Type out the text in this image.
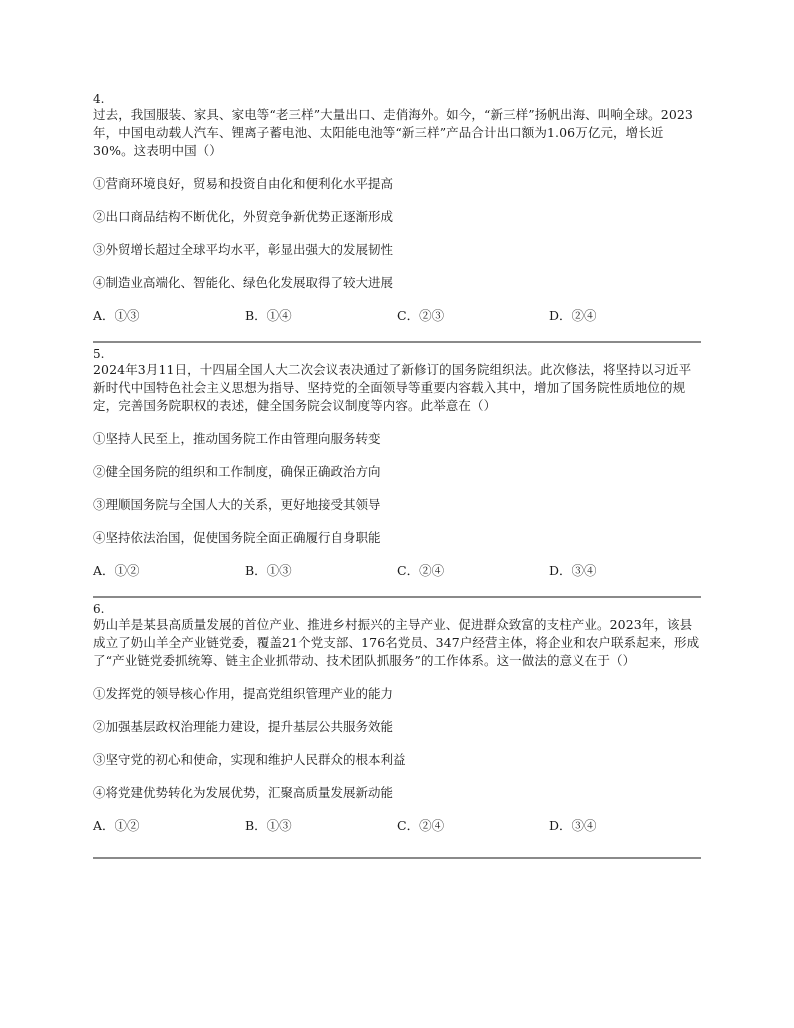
4.

过去，我国服装、家具、家电等“老三样”大量出口、走俏海外。如今，“新三样”扬帆出海、叫响全球。2023年，中国电动载人汽车、锂离子蓄电池、太阳能电池等“新三样”产品合计出口额为1.06万亿元，增长近30%。这表明中国（）

①营商环境良好，贸易和投资自由化和便利化水平提高
②出口商品结构不断优化，外贸竞争新优势正逐渐形成
③外贸增长超过全球平均水平，彰显出强大的发展韧性
④制造业高端化、智能化、绿色化发展取得了较大进展
A．①③	B．①④	C．②③	D．②④
5.

2024年3月11日，十四届全国人大二次会议表决通过了新修订的国务院组织法。此次修法，将坚持以习近平新时代中国特色社会主义思想为指导、坚持党的全面领导等重要内容载入其中，增加了国务院性质地位的规定，完善国务院职权的表述，健全国务院会议制度等内容。此举意在（）

①坚持人民至上，推动国务院工作由管理向服务转变
②健全国务院的组织和工作制度，确保正确政治方向
③理顺国务院与全国人大的关系，更好地接受其领导
④坚持依法治国，促使国务院全面正确履行自身职能
A．①②	B．①③	C．②④	D．③④
6.

奶山羊是某县高质量发展的首位产业、推进乡村振兴的主导产业、促进群众致富的支柱产业。2023年，该县成立了奶山羊全产业链党委，覆盖21个党支部、176名党员、347户经营主体，将企业和农户联系起来，形成了“产业链党委抓统筹、链主企业抓带动、技术团队抓服务”的工作体系。这一做法的意义在于（）

①发挥党的领导核心作用，提高党组织管理产业的能力
②加强基层政权治理能力建设，提升基层公共服务效能
③坚守党的初心和使命，实现和维护人民群众的根本利益
④将党建优势转化为发展优势，汇聚高质量发展新动能
A．①②	B．①③	C．②④	D．③④
